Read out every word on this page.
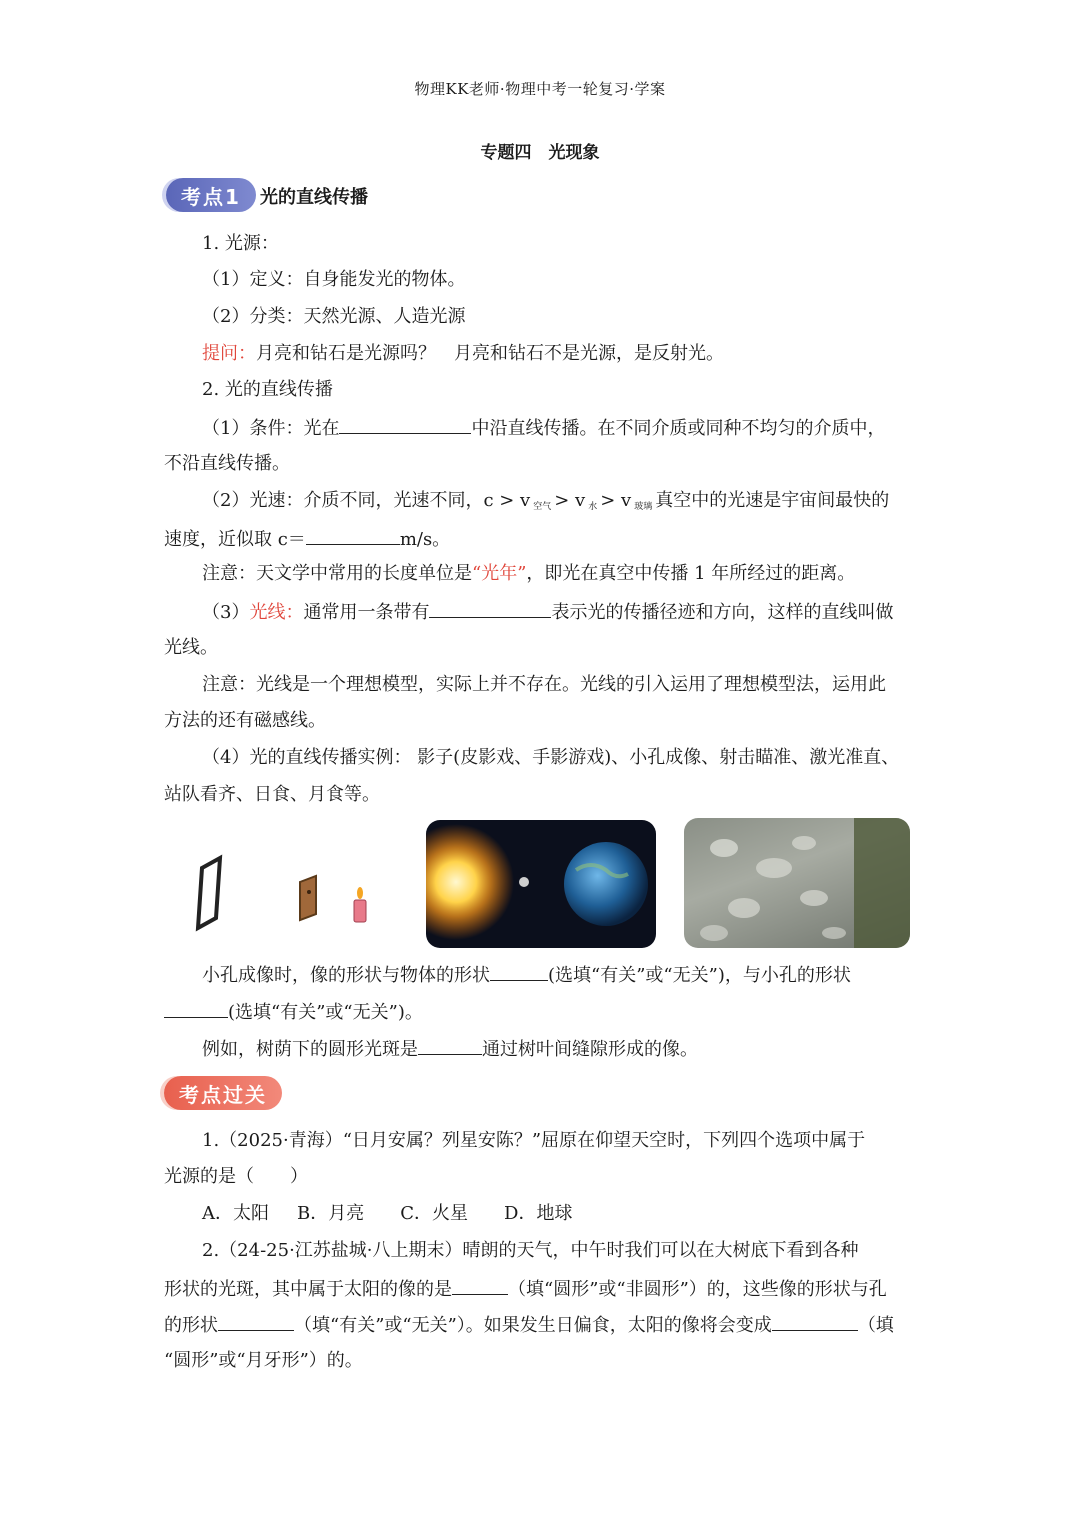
物理KK老师·物理中考一轮复习·学案
专题四　光现象
考点1	光的直线传播
1. 光源：
（1）定义：自身能发光的物体。
（2）分类：天然光源、人造光源
提问：月亮和钻石是光源吗？　月亮和钻石不是光源，是反射光。
2. 光的直线传播
（1）条件：光在	中沿直线传播。在不同介质或同种不均匀的介质中，
不沿直线传播。
（2）光速：介质不同，光速不同，c > v $_{空气}$ > v $_水$ > v $_{玻璃}$ 真空中的光速是宇宙间最快的
速度，近似取 c＝	m/s。
注意：天文学中常用的长度单位是“光年”，即光在真空中传播 1 年所经过的距离。
（3）光线：通常用一条带有	表示光的传播径迹和方向，这样的直线叫做
光线。
注意：光线是一个理想模型，实际上并不存在。光线的引入运用了理想模型法，运用此
方法的还有磁感线。
（4）光的直线传播实例： 影子(皮影戏、手影游戏)、小孔成像、射击瞄准、激光准直、
站队看齐、日食、月食等。
小孔成像时，像的形状与物体的形状	(选填“有关”或“无关”)，与小孔的形状
(选填“有关”或“无关”)。
例如，树荫下的圆形光斑是	通过树叶间缝隙形成的像。
考点过关
1.（2025·青海）“日月安属？列星安陈？”屈原在仰望天空时，下列四个选项中属于
光源的是（　　）
A．太阳 B．月亮 C．火星 D．地球
2.（24-25·江苏盐城·八上期末）晴朗的天气，中午时我们可以在大树底下看到各种
形状的光斑，其中属于太阳的像的是	（填“圆形”或“非圆形”）的，这些像的形状与孔
的形状	（填“有关”或“无关”）。如果发生日偏食，太阳的像将会变成	（填
“圆形”或“月牙形”）的。
